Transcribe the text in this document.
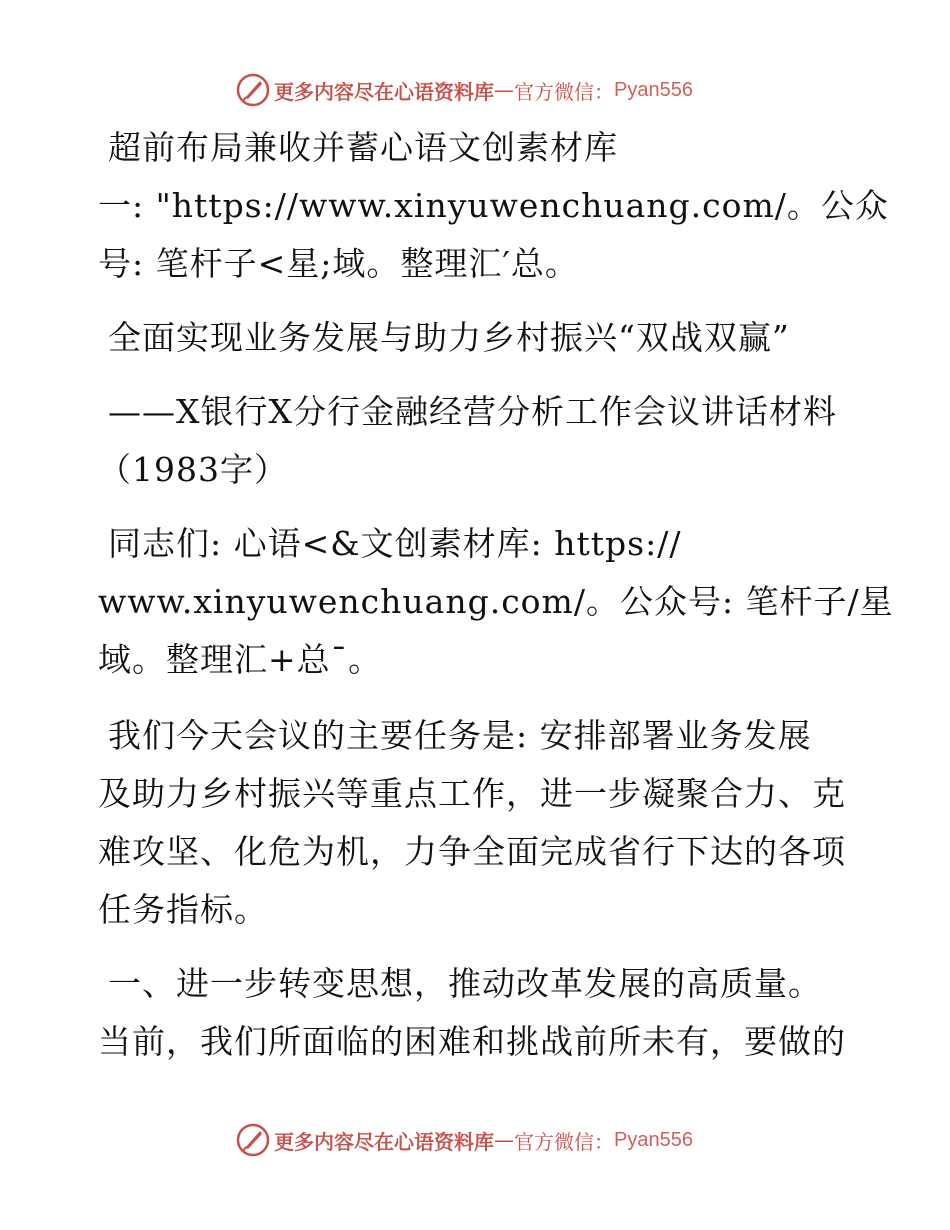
更多内容尽在心语资料库 — 官方微信： Pyan556
超前布局兼收并蓄心语文创素材库
一: "https://www.xinyuwenchuang.com/。公众
号: 笔杆子<星;域。整理汇′总。
全面实现业务发展与助力乡村振兴“双战双赢”
——X银行X分行金融经营分析工作会议讲话材料
（1983字）
同志们: 心语<&文创素材库: https://
www.xinyuwenchuang.com/。公众号: 笔杆子/星
域。整理汇+总¯。
我们今天会议的主要任务是: 安排部署业务发展
及助力乡村振兴等重点工作，进一步凝聚合力、克
难攻坚、化危为机，力争全面完成省行下达的各项
任务指标。
一、进一步转变思想，推动改革发展的高质量。
当前，我们所面临的困难和挑战前所未有，要做的
更多内容尽在心语资料库 — 官方微信： Pyan556
